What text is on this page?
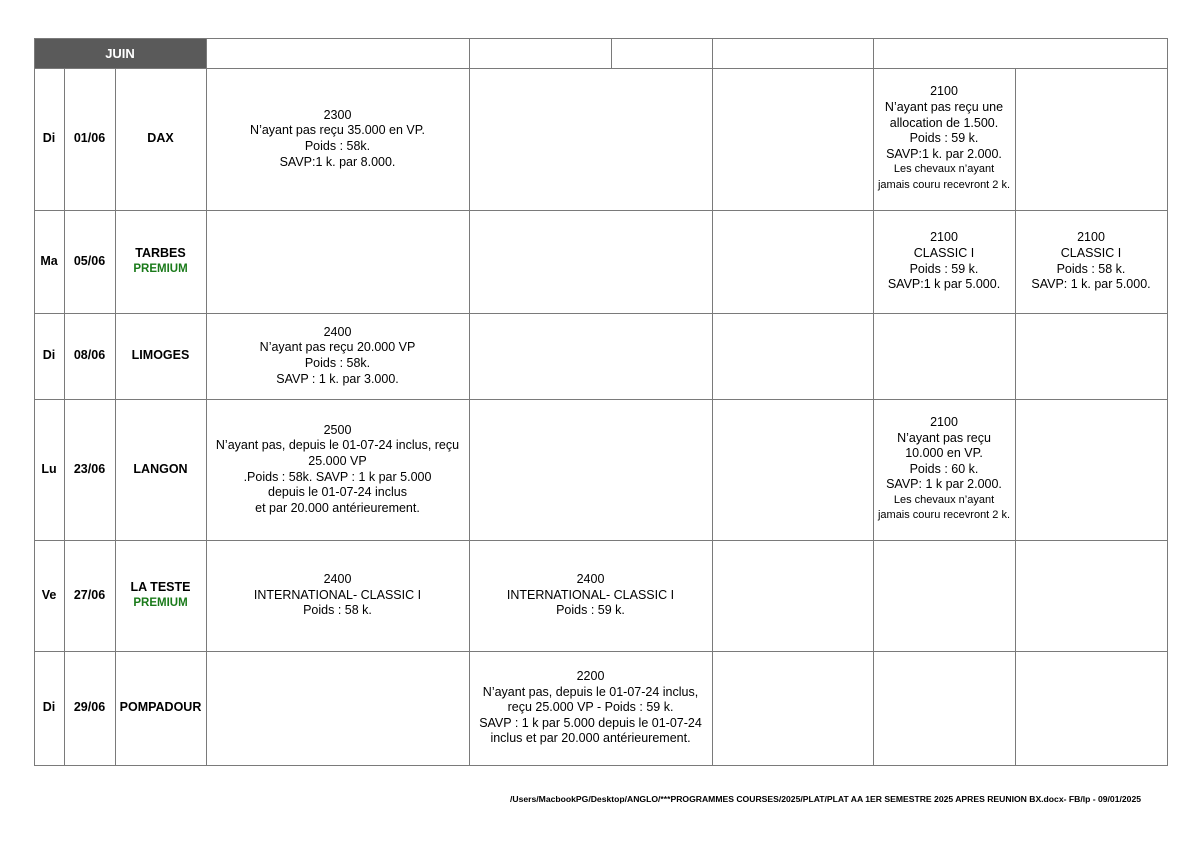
JUIN
Di 01/06	DAX
2300
N’ayant pas reçu 35.000 en VP.
Poids : 58k.
SAVP:1 k. par 8.000.
2100
N’ayant pas reçu une
allocation de 1.500.
Poids : 59 k.
SAVP:1 k. par 2.000.
Les chevaux n’ayant
jamais couru recevront 2 k.
Ma 05/06
TARBES
PREMIUM
2100
CLASSIC I
Poids : 59 k.
SAVP:1 k par 5.000.
2100
CLASSIC I
Poids : 58 k.
SAVP: 1 k. par 5.000.
Di 08/06 LIMOGES
2400
N’ayant pas reçu 20.000 VP
Poids : 58k.
SAVP : 1 k. par 3.000.
Lu 23/06 LANGON
2500
N’ayant pas, depuis le 01-07-24 inclus, reçu
25.000 VP
.Poids : 58k. SAVP : 1 k par 5.000
depuis le 01-07-24 inclus
et par 20.000 antérieurement.
2100
N’ayant pas reçu
10.000 en VP.
Poids : 60 k.
SAVP: 1 k par 2.000.
Les chevaux n’ayant
jamais couru recevront 2 k.
Ve 27/06
LA TESTE
PREMIUM
2400
INTERNATIONAL- CLASSIC I
Poids : 58 k.
2400
INTERNATIONAL- CLASSIC I
Poids : 59 k.
Di 29/06 POMPADOUR
2200
N’ayant pas, depuis le 01-07-24 inclus,
reçu 25.000 VP - Poids : 59 k.
SAVP : 1 k par 5.000 depuis le 01-07-24
inclus et par 20.000 antérieurement.
/Users/MacbookPG/Desktop/ANGLO/***PROGRAMMES COURSES/2025/PLAT/PLAT AA 1ER SEMESTRE 2025 APRES REUNION BX.docx- FB/lp - 09/01/2025
